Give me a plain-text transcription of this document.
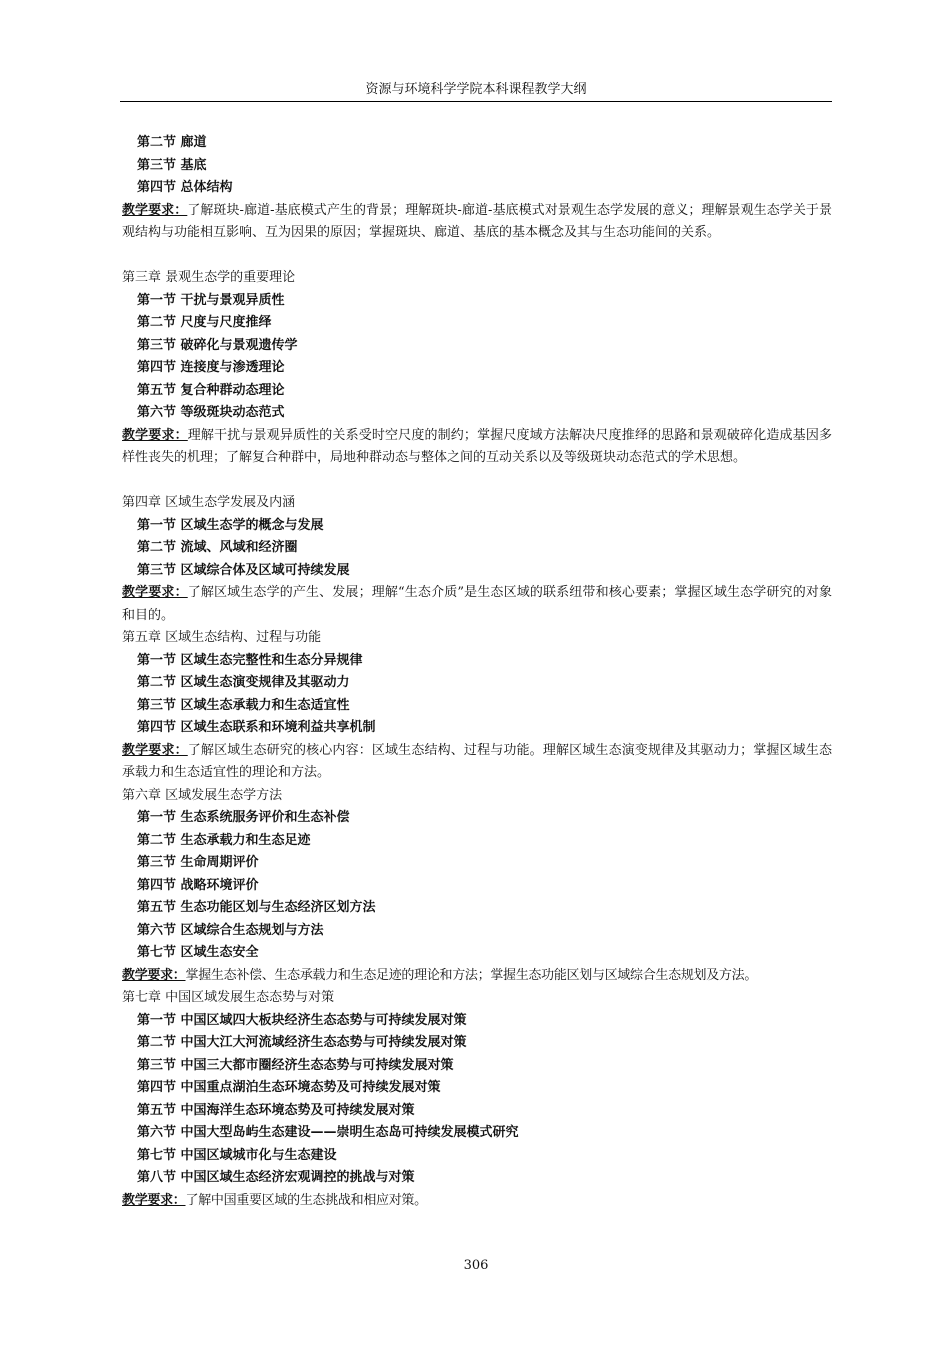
资源与环境科学学院本科课程教学大纲
第二节 廊道
第三节 基底
第四节 总体结构
教学要求：了解斑块-廊道-基底模式产生的背景；理解斑块-廊道-基底模式对景观生态学发展的意义；理解景观生态学关于景观结构与功能相互影响、互为因果的原因；掌握斑块、廊道、基底的基本概念及其与生态功能间的关系。
第三章 景观生态学的重要理论
第一节 干扰与景观异质性
第二节 尺度与尺度推绎
第三节 破碎化与景观遗传学
第四节 连接度与渗透理论
第五节 复合种群动态理论
第六节 等级斑块动态范式
教学要求：理解干扰与景观异质性的关系受时空尺度的制约；掌握尺度域方法解决尺度推绎的思路和景观破碎化造成基因多样性丧失的机理；了解复合种群中，局地种群动态与整体之间的互动关系以及等级斑块动态范式的学术思想。
第四章 区域生态学发展及内涵
第一节 区域生态学的概念与发展
第二节 流域、风域和经济圈
第三节 区域综合体及区域可持续发展
教学要求：了解区域生态学的产生、发展；理解“生态介质”是生态区域的联系纽带和核心要素；掌握区域生态学研究的对象和目的。
第五章 区域生态结构、过程与功能
第一节 区域生态完整性和生态分异规律
第二节 区域生态演变规律及其驱动力
第三节 区域生态承载力和生态适宜性
第四节 区域生态联系和环境利益共享机制
教学要求：了解区域生态研究的核心内容：区域生态结构、过程与功能。理解区域生态演变规律及其驱动力；掌握区域生态承载力和生态适宜性的理论和方法。
第六章 区域发展生态学方法
第一节 生态系统服务评价和生态补偿
第二节 生态承载力和生态足迹
第三节 生命周期评价
第四节 战略环境评价
第五节 生态功能区划与生态经济区划方法
第六节 区域综合生态规划与方法
第七节 区域生态安全
教学要求：掌握生态补偿、生态承载力和生态足迹的理论和方法；掌握生态功能区划与区域综合生态规划及方法。
第七章 中国区域发展生态态势与对策
第一节 中国区域四大板块经济生态态势与可持续发展对策
第二节 中国大江大河流域经济生态态势与可持续发展对策
第三节 中国三大都市圈经济生态态势与可持续发展对策
第四节 中国重点湖泊生态环境态势及可持续发展对策
第五节 中国海洋生态环境态势及可持续发展对策
第六节 中国大型岛屿生态建设——崇明生态岛可持续发展模式研究
第七节 中国区域城市化与生态建设
第八节 中国区域生态经济宏观调控的挑战与对策
教学要求：了解中国重要区域的生态挑战和相应对策。
306
